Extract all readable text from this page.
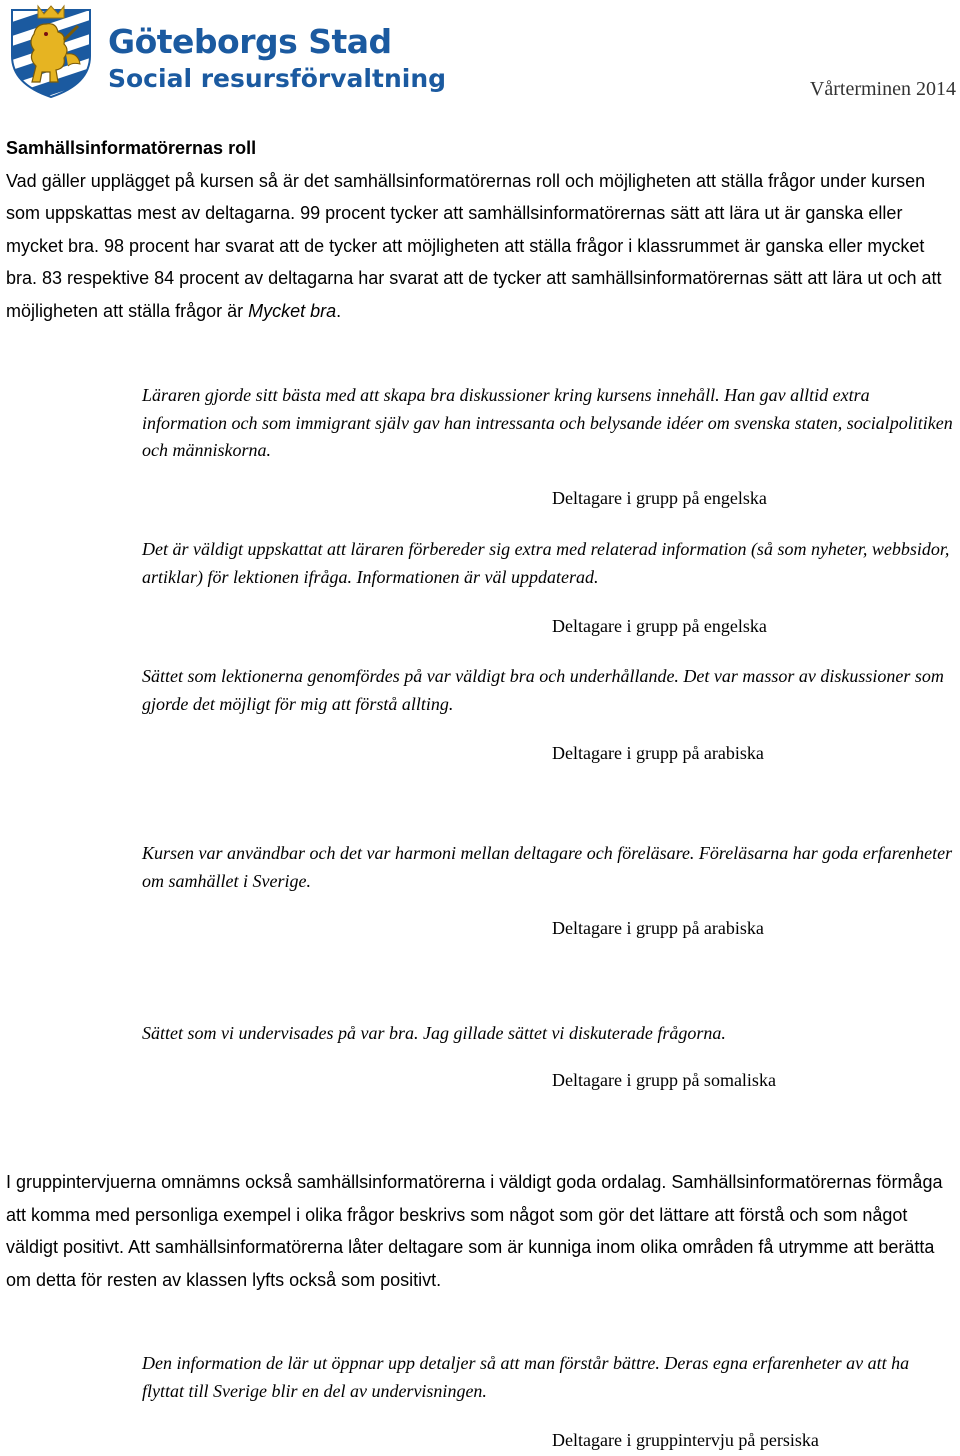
Göteborgs Stad
Social resursförvaltning	Vårterminen 2014

Samhällsinformatörernas roll

Vad gäller upplägget på kursen så är det samhällsinformatörernas roll och möjligheten att ställa frågor under kursen som uppskattas mest av deltagarna. 99 procent tycker att samhällsinformatörernas sätt att lära ut är ganska eller mycket bra. 98 procent har svarat att de tycker att möjligheten att ställa frågor i klassrummet är ganska eller mycket bra. 83 respektive 84 procent av deltagarna har svarat att de tycker att samhällsinformatörernas sätt att lära ut och att möjligheten att ställa frågor är Mycket bra.

Läraren gjorde sitt bästa med att skapa bra diskussioner kring kursens innehåll. Han gav alltid extra information och som immigrant själv gav han intressanta och belysande idéer om svenska staten, socialpolitiken och människorna.

Deltagare i grupp på engelska

Det är väldigt uppskattat att läraren förbereder sig extra med relaterad information (så som nyheter, webbsidor, artiklar) för lektionen ifråga. Informationen är väl uppdaterad.

Deltagare i grupp på engelska

Sättet som lektionerna genomfördes på var väldigt bra och underhållande. Det var massor av diskussioner som gjorde det möjligt för mig att förstå allting.

Deltagare i grupp på arabiska

Kursen var användbar och det var harmoni mellan deltagare och föreläsare. Föreläsarna har goda erfarenheter om samhället i Sverige.

Deltagare i grupp på arabiska

Sättet som vi undervisades på var bra. Jag gillade sättet vi diskuterade frågorna.

Deltagare i grupp på somaliska

I gruppintervjuerna omnämns också samhällsinformatörerna i väldigt goda ordalag. Samhällsinformatörernas förmåga att komma med personliga exempel i olika frågor beskrivs som något som gör det lättare att förstå och som något väldigt positivt. Att samhällsinformatörerna låter deltagare som är kunniga inom olika områden få utrymme att berätta om detta för resten av klassen lyfts också som positivt.

Den information de lär ut öppnar upp detaljer så att man förstår bättre. Deras egna erfarenheter av att ha flyttat till Sverige blir en del av undervisningen.

Deltagare i gruppintervju på persiska
